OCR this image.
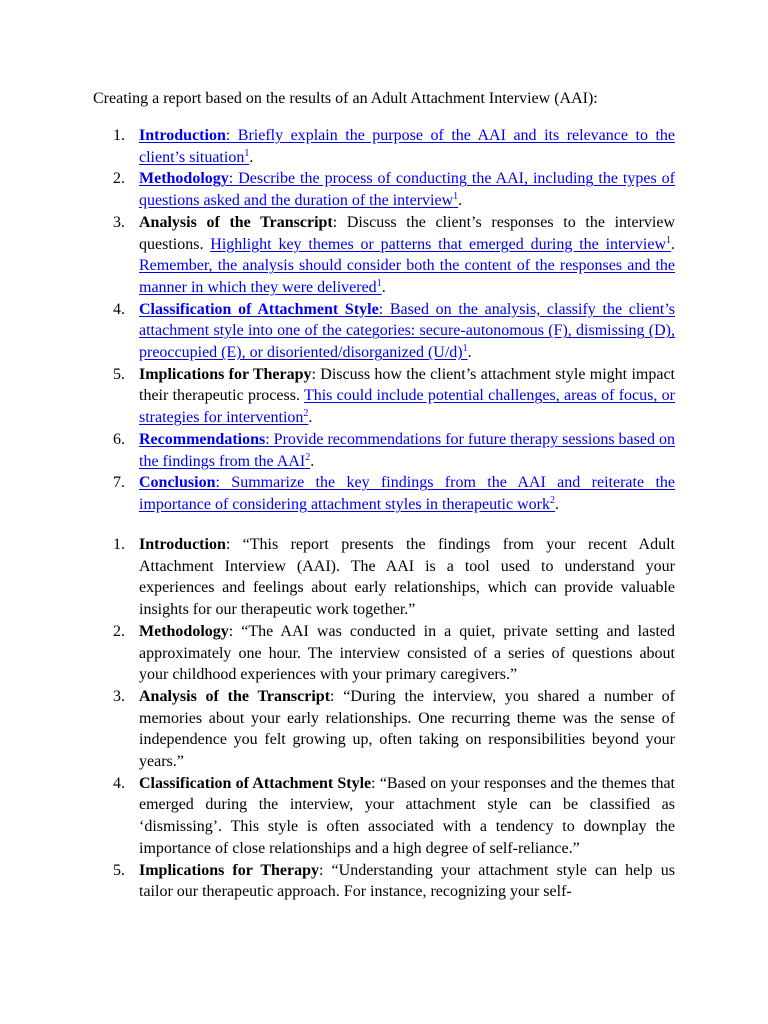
Creating a report based on the results of an Adult Attachment Interview (AAI):
1. Introduction: Briefly explain the purpose of the AAI and its relevance to the client’s situation$^1$.
2. Methodology: Describe the process of conducting the AAI, including the types of questions asked and the duration of the interview$^1$.
3. Analysis of the Transcript: Discuss the client’s responses to the interview questions. Highlight key themes or patterns that emerged during the interview$^1$. Remember, the analysis should consider both the content of the responses and the manner in which they were delivered$^1$.
4. Classification of Attachment Style: Based on the analysis, classify the client’s attachment style into one of the categories: secure-autonomous (F), dismissing (D), preoccupied (E), or disoriented/disorganized $(U/d)^1$.
5. Implications for Therapy: Discuss how the client’s attachment style might impact their therapeutic process. This could include potential challenges, areas of focus, or strategies for intervention$^2$.
6. Recommendations: Provide recommendations for future therapy sessions based on the findings from the AAI$^2$.
7. Conclusion: Summarize the key findings from the AAI and reiterate the importance of considering attachment styles in therapeutic work$^2$.
1. Introduction: “This report presents the findings from your recent Adult Attachment Interview (AAI). The AAI is a tool used to understand your experiences and feelings about early relationships, which can provide valuable insights for our therapeutic work together.”
2. Methodology: “The AAI was conducted in a quiet, private setting and lasted approximately one hour. The interview consisted of a series of questions about your childhood experiences with your primary caregivers.”
3. Analysis of the Transcript: “During the interview, you shared a number of memories about your early relationships. One recurring theme was the sense of independence you felt growing up, often taking on responsibilities beyond your years.”
4. Classification of Attachment Style: “Based on your responses and the themes that emerged during the interview, your attachment style can be classified as ‘dismissing’. This style is often associated with a tendency to downplay the importance of close relationships and a high degree of self-reliance.”
5. Implications for Therapy: “Understanding your attachment style can help us tailor our therapeutic approach. For instance, recognizing your self-
